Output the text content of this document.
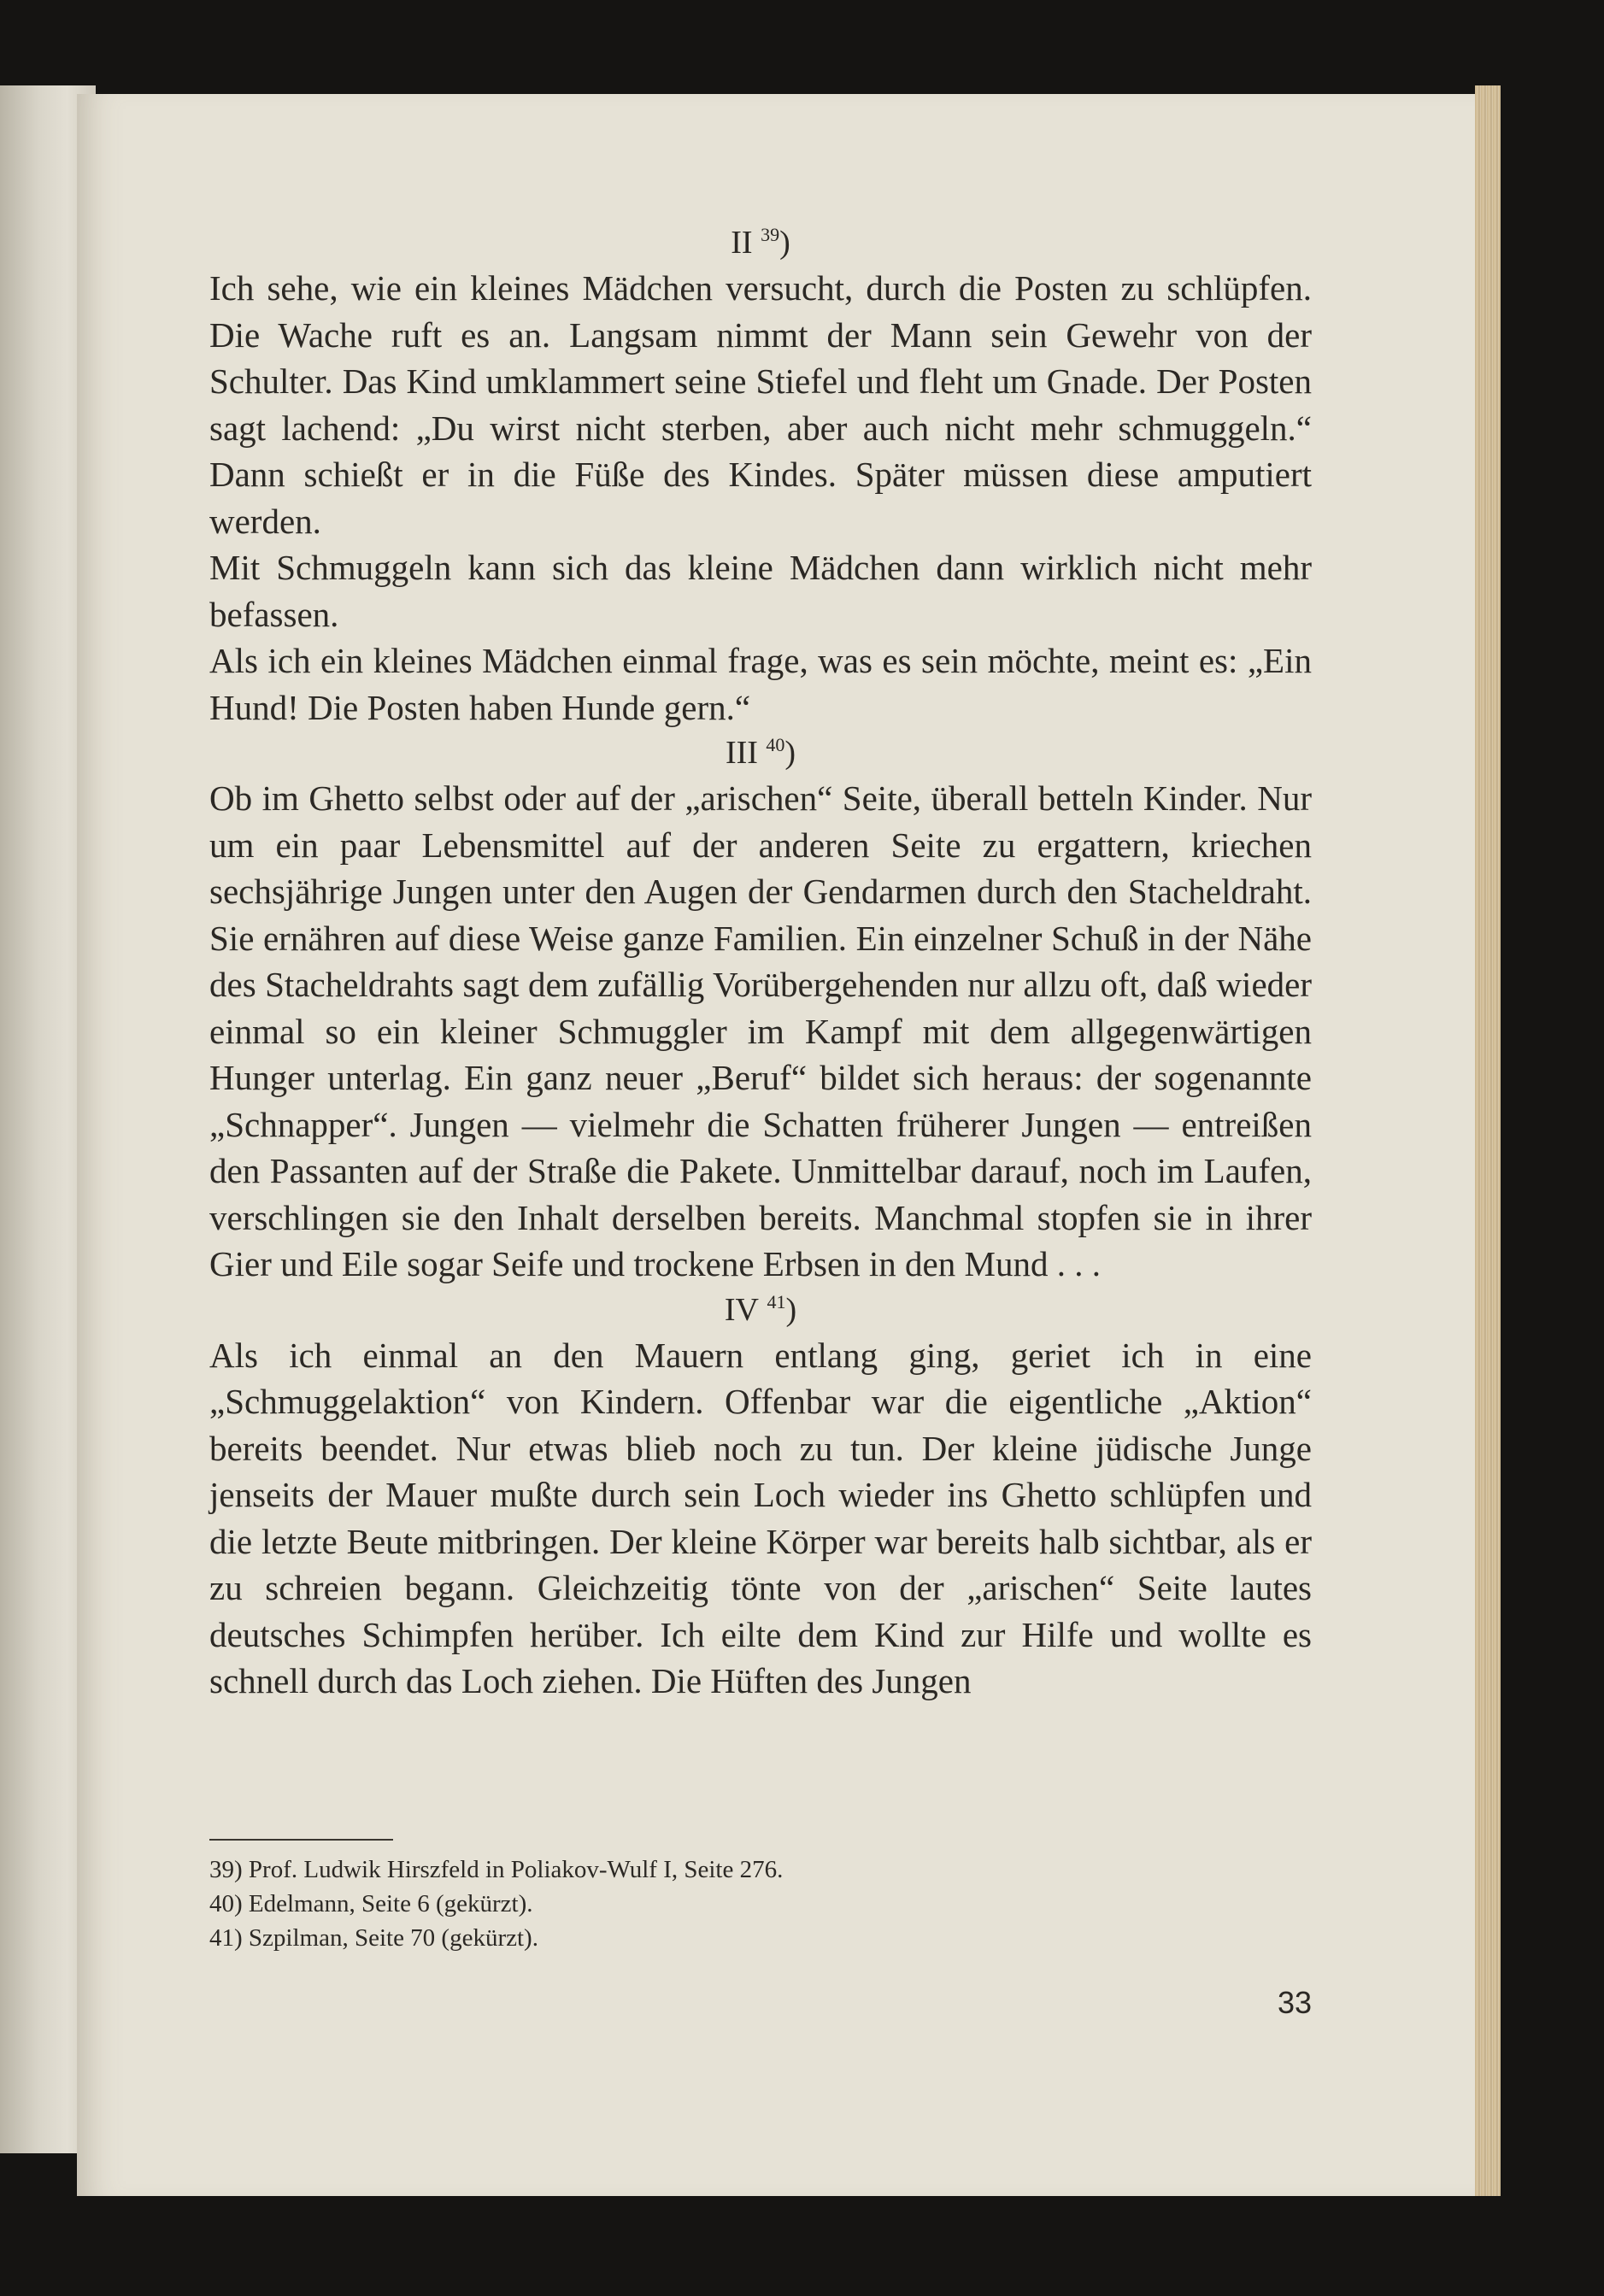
II $^{39}$)

Ich sehe, wie ein kleines Mädchen versucht, durch die Posten zu schlüpfen. Die Wache ruft es an. Langsam nimmt der Mann sein Gewehr von der Schulter. Das Kind umklammert seine Stiefel und fleht um Gnade. Der Posten sagt lachend: „Du wirst nicht sterben, aber auch nicht mehr schmuggeln.“ Dann schießt er in die Füße des Kindes. Später müssen diese amputiert werden.

Mit Schmuggeln kann sich das kleine Mädchen dann wirklich nicht mehr befassen.

Als ich ein kleines Mädchen einmal frage, was es sein möchte, meint es: „Ein Hund! Die Posten haben Hunde gern.“

III $^{40}$)

Ob im Ghetto selbst oder auf der „arischen“ Seite, überall betteln Kinder. Nur um ein paar Lebensmittel auf der anderen Seite zu ergattern, kriechen sechsjährige Jungen unter den Augen der Gendarmen durch den Stacheldraht. Sie ernähren auf diese Weise ganze Familien. Ein einzelner Schuß in der Nähe des Stacheldrahts sagt dem zufällig Vorübergehenden nur allzu oft, daß wieder einmal so ein kleiner Schmuggler im Kampf mit dem allgegenwärtigen Hunger unterlag. Ein ganz neuer „Beruf“ bildet sich heraus: der sogenannte „Schnapper“. Jungen — vielmehr die Schatten früherer Jungen — entreißen den Passanten auf der Straße die Pakete. Unmittelbar darauf, noch im Laufen, verschlingen sie den Inhalt derselben bereits. Manchmal stopfen sie in ihrer Gier und Eile sogar Seife und trockene Erbsen in den Mund . . .

IV $^{41}$)

Als ich einmal an den Mauern entlang ging, geriet ich in eine „Schmuggelaktion“ von Kindern. Offenbar war die eigentliche „Aktion“ bereits beendet. Nur etwas blieb noch zu tun. Der kleine jüdische Junge jenseits der Mauer mußte durch sein Loch wieder ins Ghetto schlüpfen und die letzte Beute mitbringen. Der kleine Körper war bereits halb sichtbar, als er zu schreien begann. Gleichzeitig tönte von der „arischen“ Seite lautes deutsches Schimpfen herüber. Ich eilte dem Kind zur Hilfe und wollte es schnell durch das Loch ziehen. Die Hüften des Jungen

39) Prof. Ludwik Hirszfeld in Poliakov-Wulf I, Seite 276.
40) Edelmann, Seite 6 (gekürzt).
41) Szpilman, Seite 70 (gekürzt).
33
